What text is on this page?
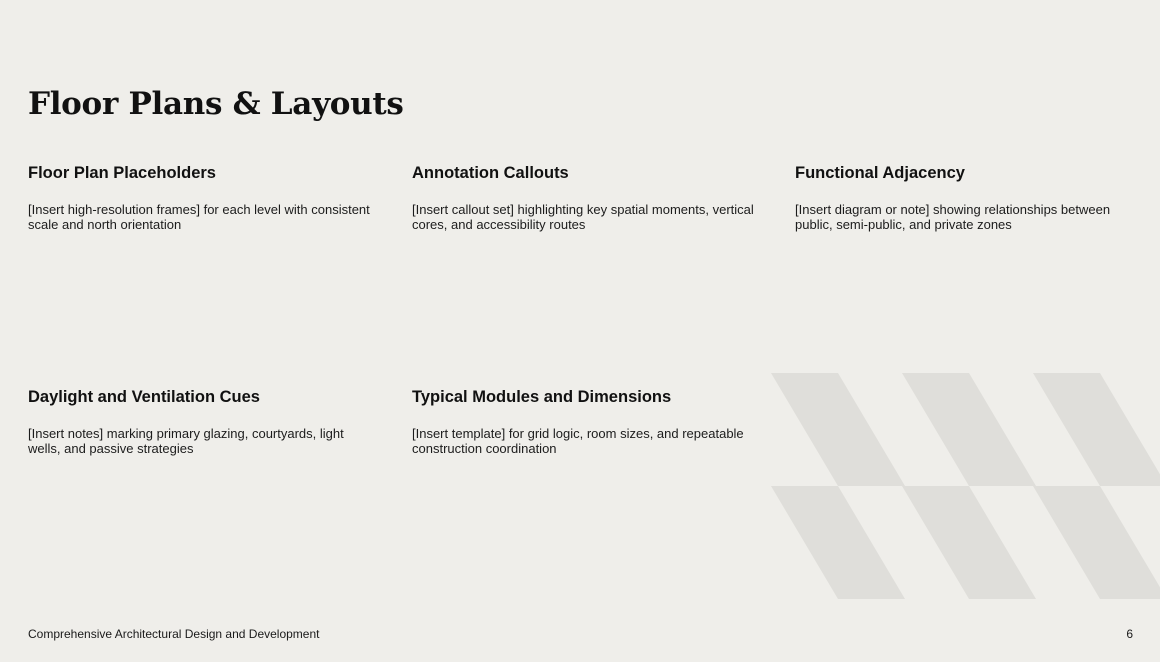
Floor Plans & Layouts
Floor Plan Placeholders

[Insert high-resolution frames] for each level with consistent scale and north orientation

Annotation Callouts

[Insert callout set] highlighting key spatial moments, vertical cores, and accessibility routes

Functional Adjacency

[Insert diagram or note] showing relationships between public, semi-public, and private zones

Daylight and Ventilation Cues

[Insert notes] marking primary glazing, courtyards, light wells, and passive strategies

Typical Modules and Dimensions

[Insert template] for grid logic, room sizes, and repeatable construction coordination

Comprehensive Architectural Design and Development	6
